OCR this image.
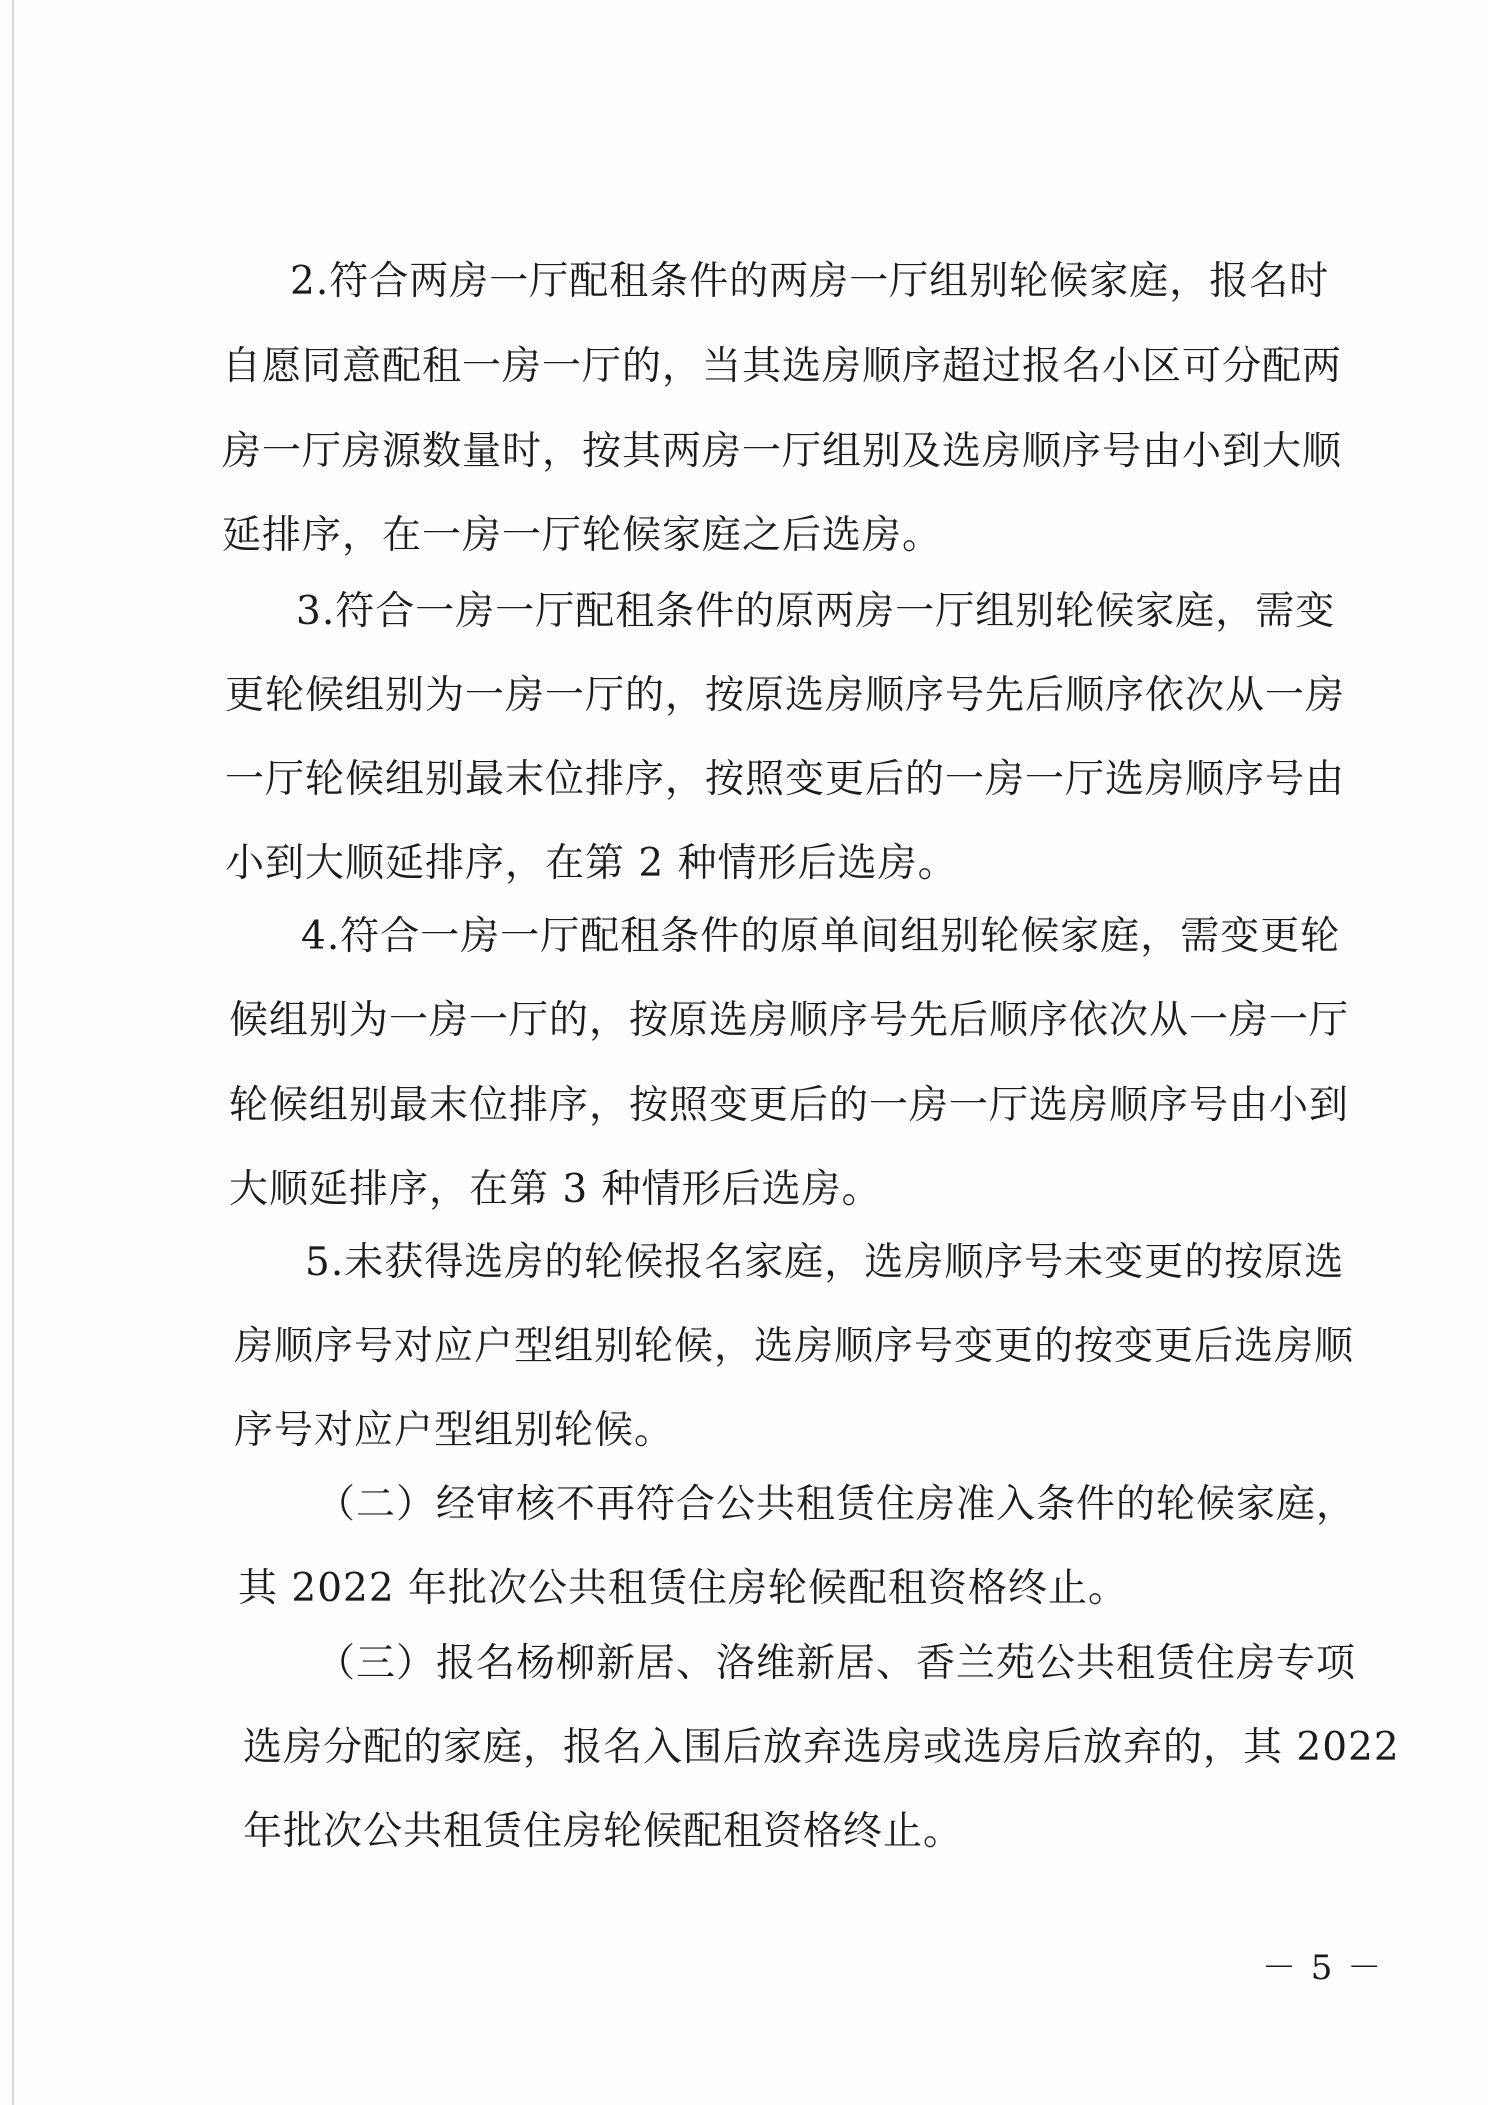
2.符合两房一厅配租条件的两房一厅组别轮候家庭，报名时
自愿同意配租一房一厅的，当其选房顺序超过报名小区可分配两
房一厅房源数量时，按其两房一厅组别及选房顺序号由小到大顺
延排序，在一房一厅轮候家庭之后选房。
3.符合一房一厅配租条件的原两房一厅组别轮候家庭，需变
更轮候组别为一房一厅的，按原选房顺序号先后顺序依次从一房
一厅轮候组别最末位排序，按照变更后的一房一厅选房顺序号由
小到大顺延排序，在第 2 种情形后选房。
4.符合一房一厅配租条件的原单间组别轮候家庭，需变更轮
候组别为一房一厅的，按原选房顺序号先后顺序依次从一房一厅
轮候组别最末位排序，按照变更后的一房一厅选房顺序号由小到
大顺延排序，在第 3 种情形后选房。
5.未获得选房的轮候报名家庭，选房顺序号未变更的按原选
房顺序号对应户型组别轮候，选房顺序号变更的按变更后选房顺
序号对应户型组别轮候。
（二）经审核不再符合公共租赁住房准入条件的轮候家庭，
其 2022 年批次公共租赁住房轮候配租资格终止。
（三）报名杨柳新居、洛维新居、香兰苑公共租赁住房专项
选房分配的家庭，报名入围后放弃选房或选房后放弃的，其 2022
年批次公共租赁住房轮候配租资格终止。
－ 5 －
